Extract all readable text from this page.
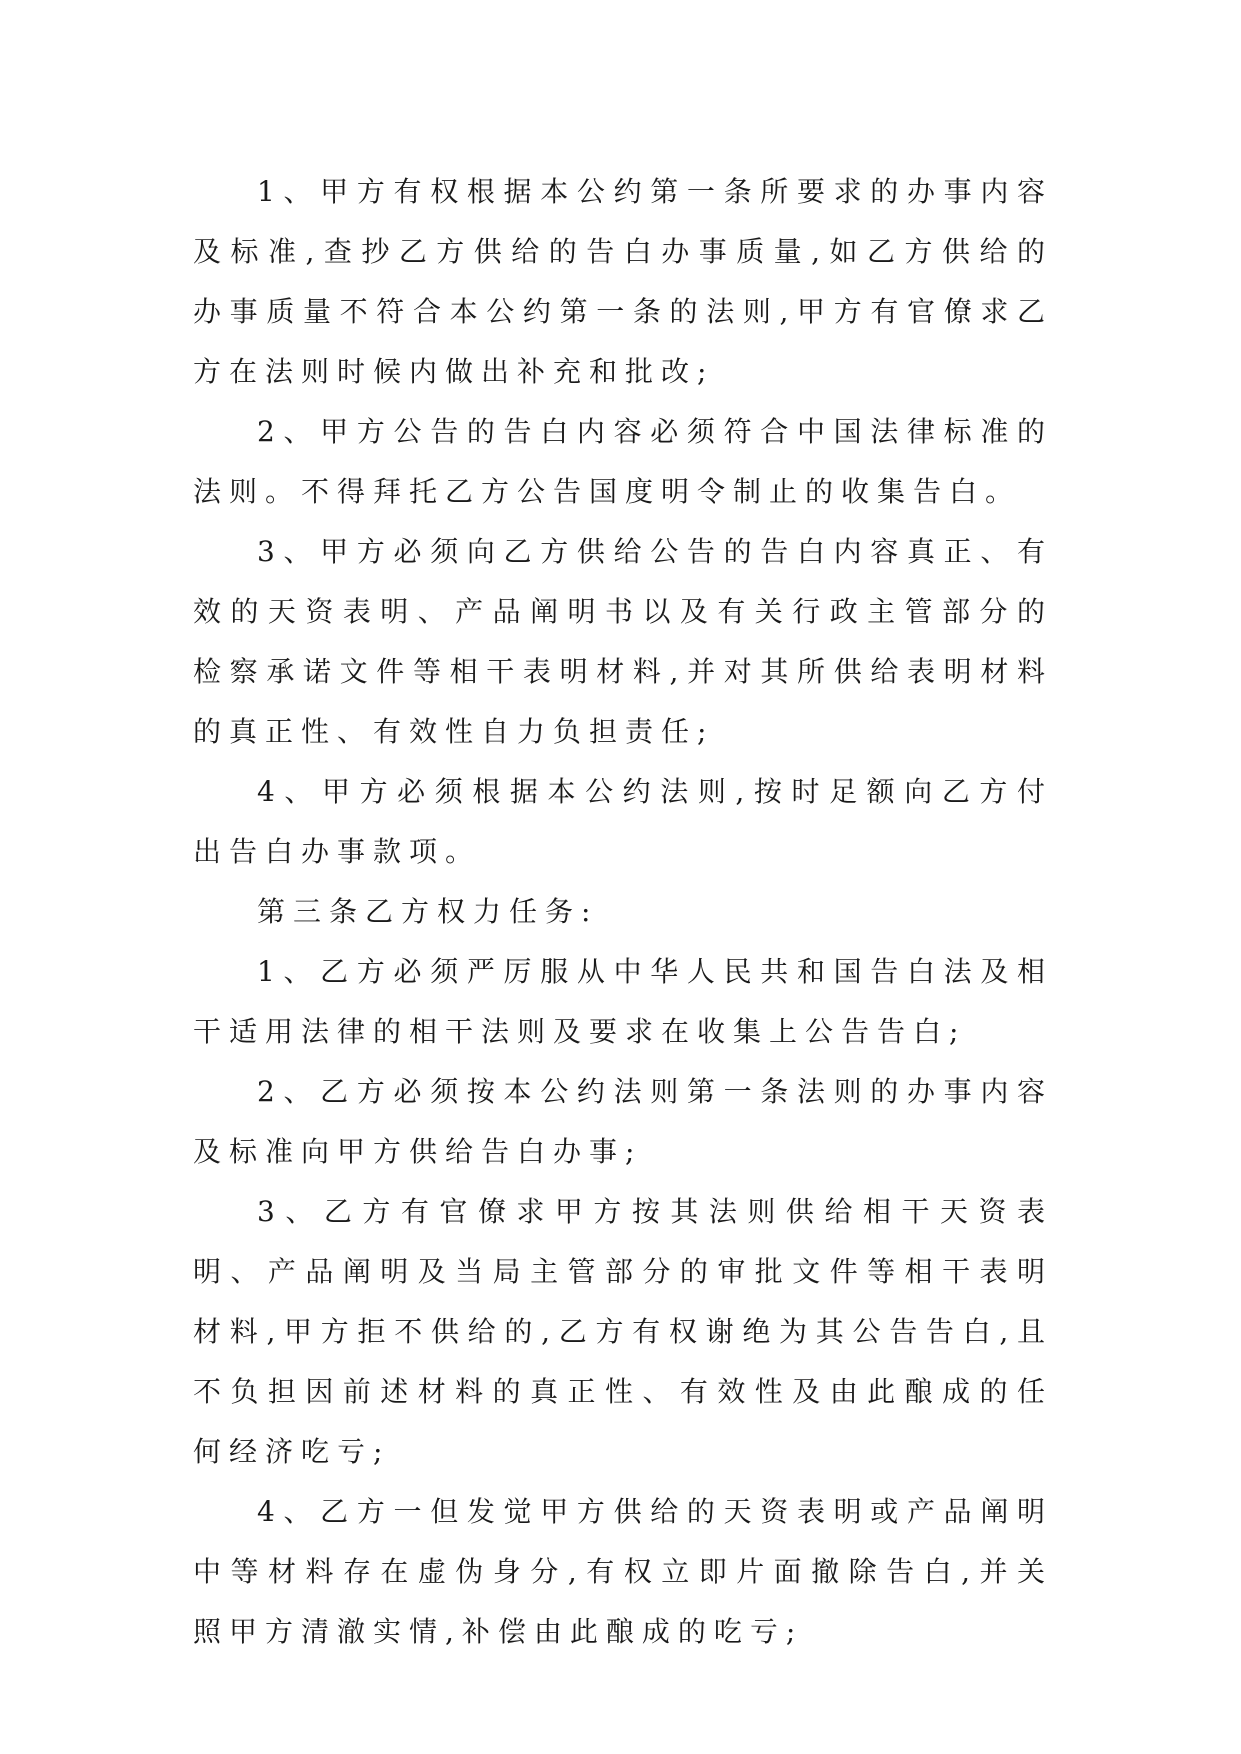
1、甲方有权根据本公约第一条所要求的办事内容及标准,查抄乙方供给的告白办事质量,如乙方供给的办事质量不符合本公约第一条的法则,甲方有官僚求乙方在法则时候内做出补充和批改;

2、甲方公告的告白内容必须符合中国法律标准的法则。不得拜托乙方公告国度明令制止的收集告白。

3、甲方必须向乙方供给公告的告白内容真正、有效的天资表明、产品阐明书以及有关行政主管部分的检察承诺文件等相干表明材料,并对其所供给表明材料的真正性、有效性自力负担责任;

4、甲方必须根据本公约法则,按时足额向乙方付出告白办事款项。

第三条乙方权力任务:

1、乙方必须严厉服从中华人民共和国告白法及相干适用法律的相干法则及要求在收集上公告告白;

2、乙方必须按本公约法则第一条法则的办事内容及标准向甲方供给告白办事;

3、乙方有官僚求甲方按其法则供给相干天资表明、产品阐明及当局主管部分的审批文件等相干表明材料,甲方拒不供给的,乙方有权谢绝为其公告告白,且不负担因前述材料的真正性、有效性及由此酿成的任何经济吃亏;

4、乙方一但发觉甲方供给的天资表明或产品阐明中等材料存在虚伪身分,有权立即片面撤除告白,并关照甲方清澈实情,补偿由此酿成的吃亏;
